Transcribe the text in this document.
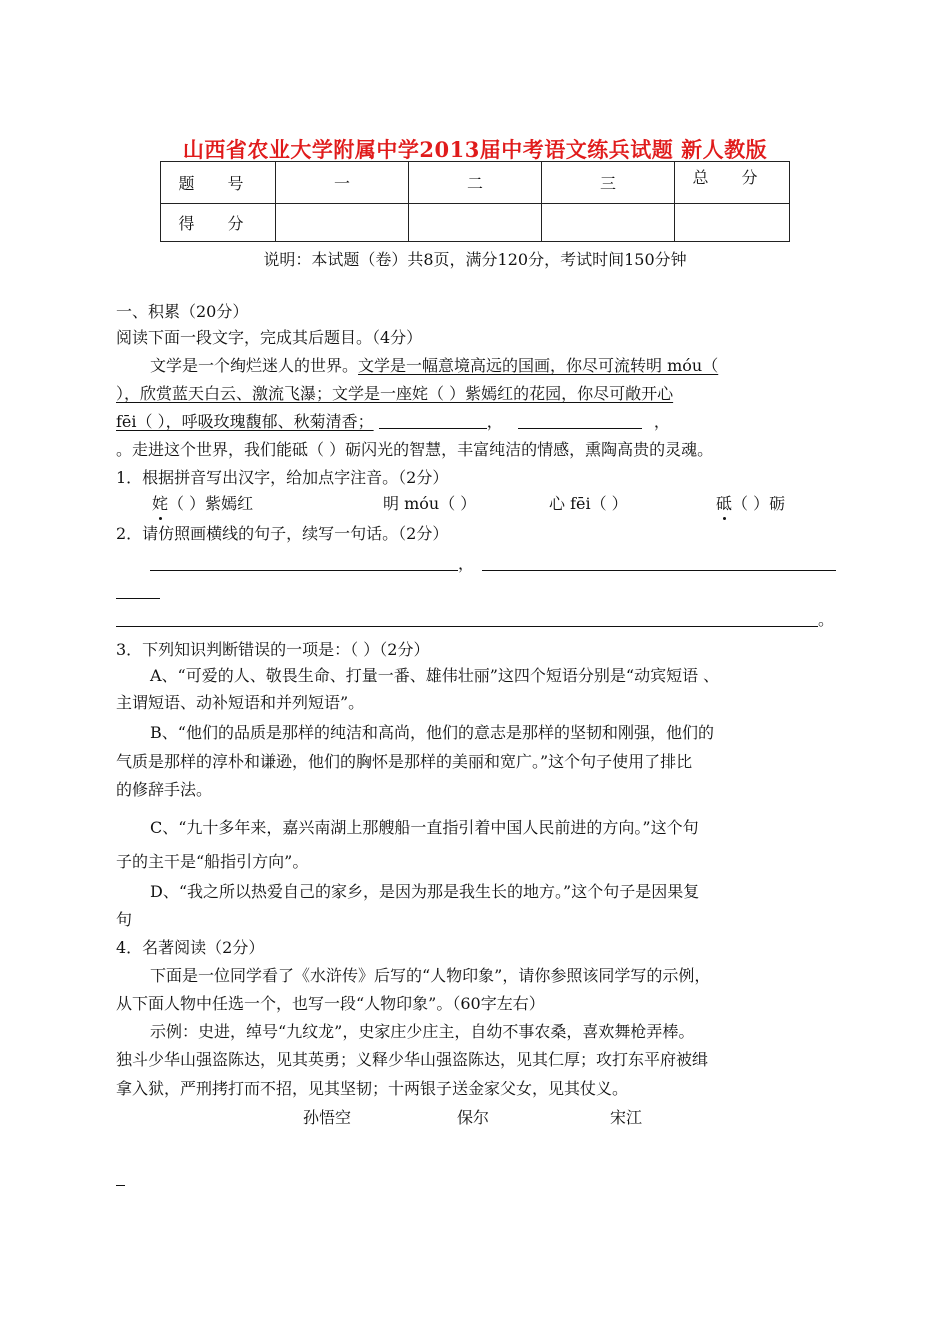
山西省农业大学附属中学2013届中考语文练兵试题 新人教版
题 号	一	二	三	总 分
得 分				
说明：本试题（卷）共8页，满分120分，考试时间150分钟
一、积累（20分）
阅读下面一段文字，完成其后题目。（4分）
文学是一个绚烂迷人的世界。文学是一幅意境高远的国画，你尽可流转明 móu（
），欣赏蓝天白云、激流飞瀑；文学是一座姹（ ）紫嫣红的花园，你尽可敞开心
fēi（ ），呼吸玫瑰馥郁、秋菊清香；	，	，
。走进这个世界，我们能砥（ ）砺闪光的智慧，丰富纯洁的情感，熏陶高贵的灵魂。
1．根据拼音写出汉字，给加点字注音。（2分）
姹（ ）紫嫣红	明 móu（ ）	心 fēi（ ）	砥（ ）砺
2．请仿照画横线的句子，续写一句话。（2分）
，
。
3．下列知识判断错误的一项是：（ ）（2分）
A、“可爱的人、敬畏生命、打量一番、雄伟壮丽”这四个短语分别是“动宾短语 、
主谓短语、动补短语和并列短语”。
B、“他们的品质是那样的纯洁和高尚，他们的意志是那样的坚韧和刚强，他们的
气质是那样的淳朴和谦逊，他们的胸怀是那样的美丽和宽广。”这个句子使用了排比
的修辞手法。
C、“九十多年来，嘉兴南湖上那艘船一直指引着中国人民前进的方向。”这个句
子的主干是“船指引方向”。
D、“我之所以热爱自己的家乡，是因为那是我生长的地方。”这个句子是因果复
句
4．名著阅读（2分）
下面是一位同学看了《水浒传》后写的“人物印象”，请你参照该同学写的示例，
从下面人物中任选一个，也写一段“人物印象”。（60字左右）
示例：史进，绰号“九纹龙”，史家庄少庄主，自幼不事农桑，喜欢舞枪弄棒。
独斗少华山强盗陈达，见其英勇；义释少华山强盗陈达，见其仁厚；攻打东平府被缉
拿入狱，严刑拷打而不招，见其坚韧；十两银子送金家父女，见其仗义。
孙悟空	保尔	宋江
